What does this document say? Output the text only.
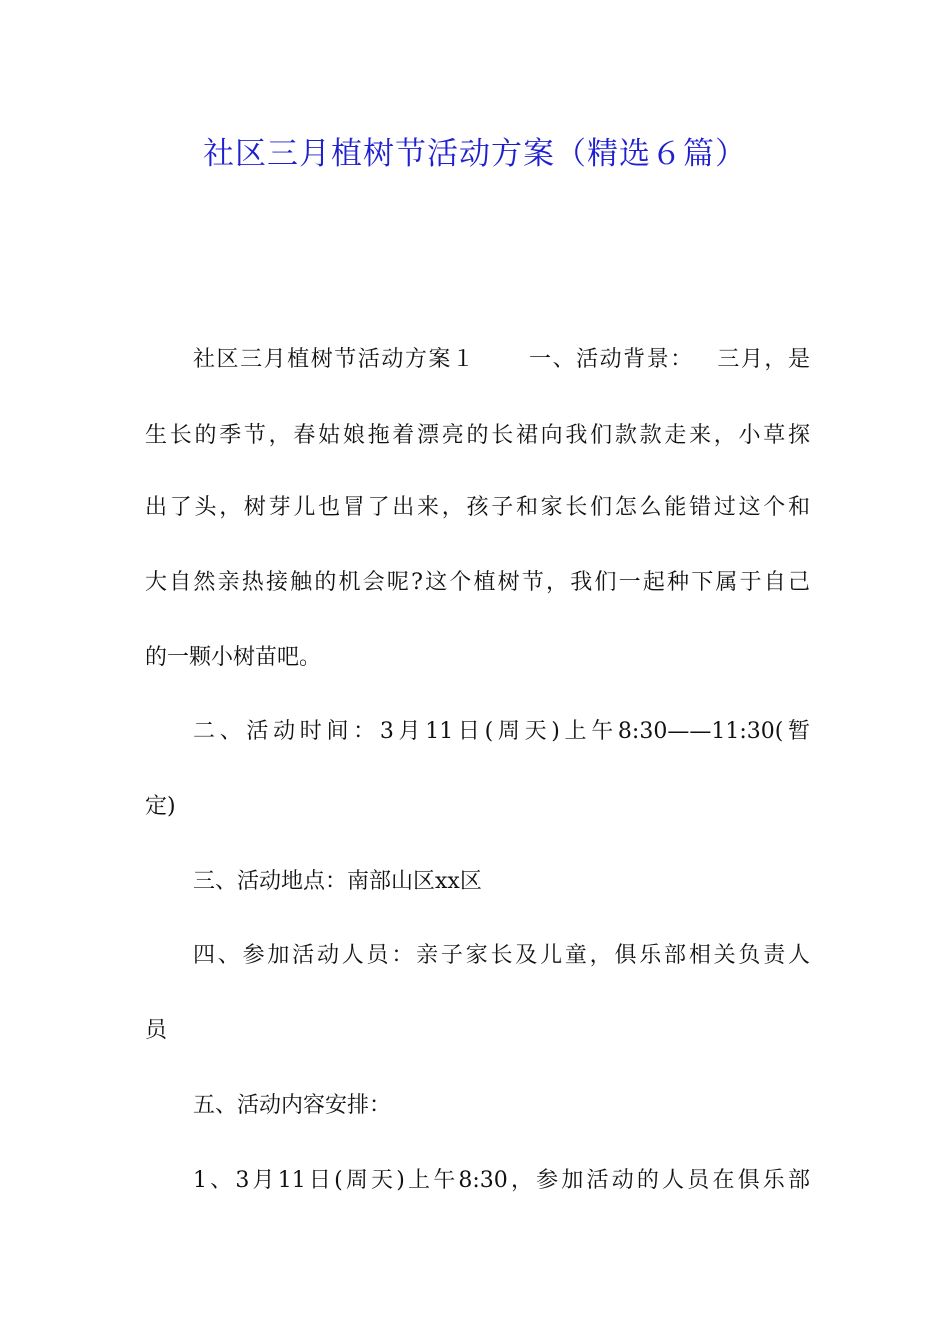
社区三月植树节活动方案（精选６篇）
社区三月植树节活动方案１ 一、活动背景： 三月，是
生长的季节，春姑娘拖着漂亮的长裙向我们款款走来，小草探
出了头，树芽儿也冒了出来，孩子和家长们怎么能错过这个和
大自然亲热接触的机会呢?这个植树节，我们一起种下属于自己
的一颗小树苗吧。
二、活动时间：3月11日(周天)上午8:30——11:30(暂
定)
三、活动地点：南部山区xx区
四、参加活动人员：亲子家长及儿童，俱乐部相关负责人
员
五、活动内容安排：
1、3月11日(周天)上午8:30，参加活动的人员在俱乐部
